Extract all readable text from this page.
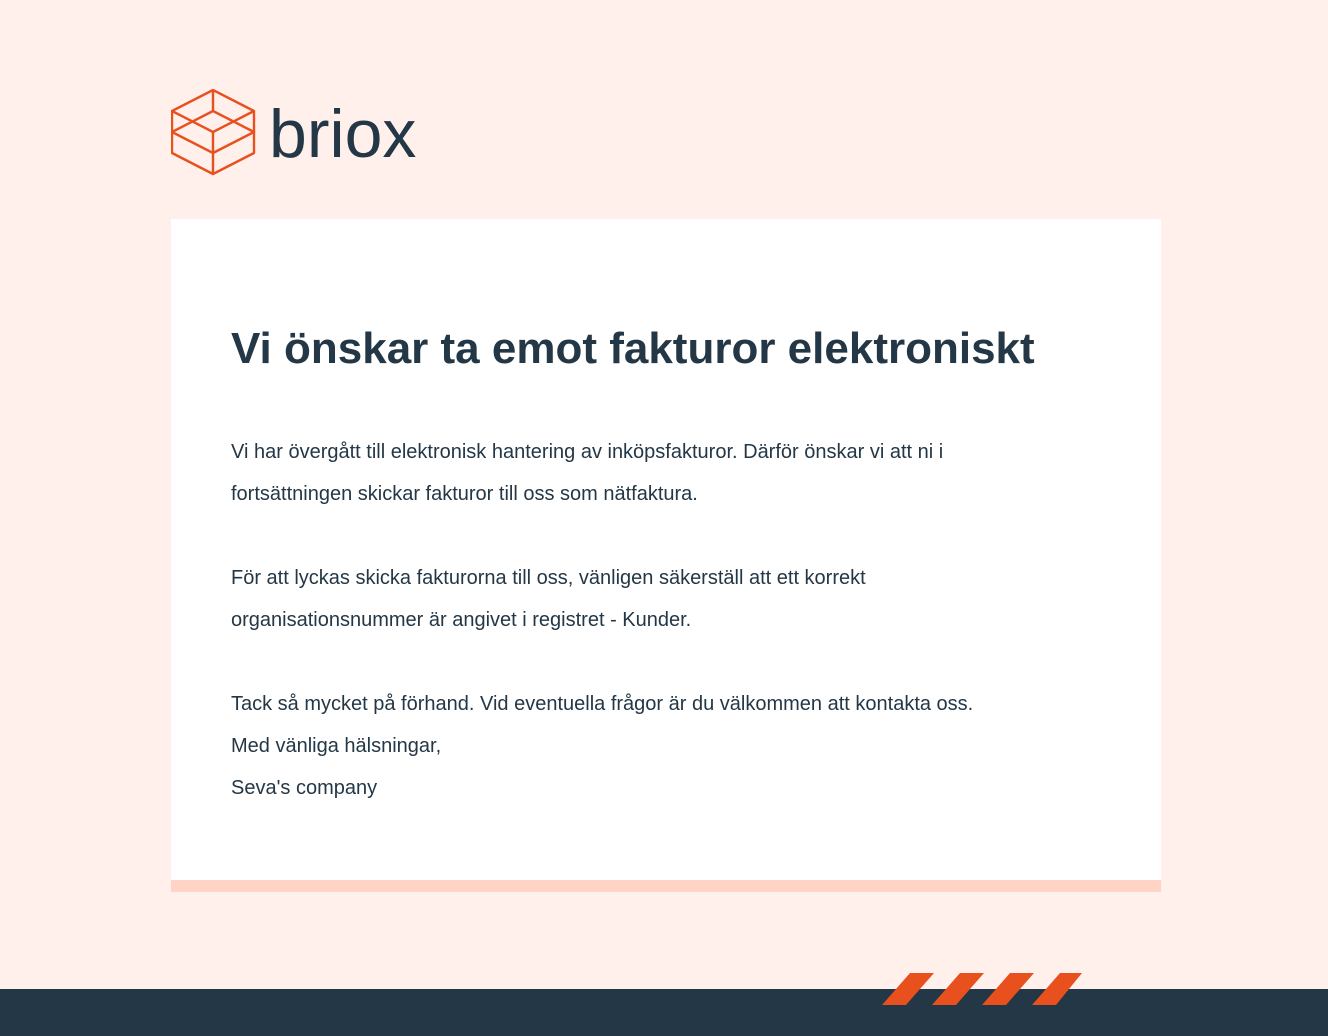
briox
Vi önskar ta emot fakturor elektroniskt

Vi har övergått till elektronisk hantering av inköpsfakturor. Därför önskar vi att ni i
fortsättningen skickar fakturor till oss som nätfaktura.

För att lyckas skicka fakturorna till oss, vänligen säkerställ att ett korrekt
organisationsnummer är angivet i registret - Kunder.

Tack så mycket på förhand. Vid eventuella frågor är du välkommen att kontakta oss.
Med vänliga hälsningar,
Seva's company
